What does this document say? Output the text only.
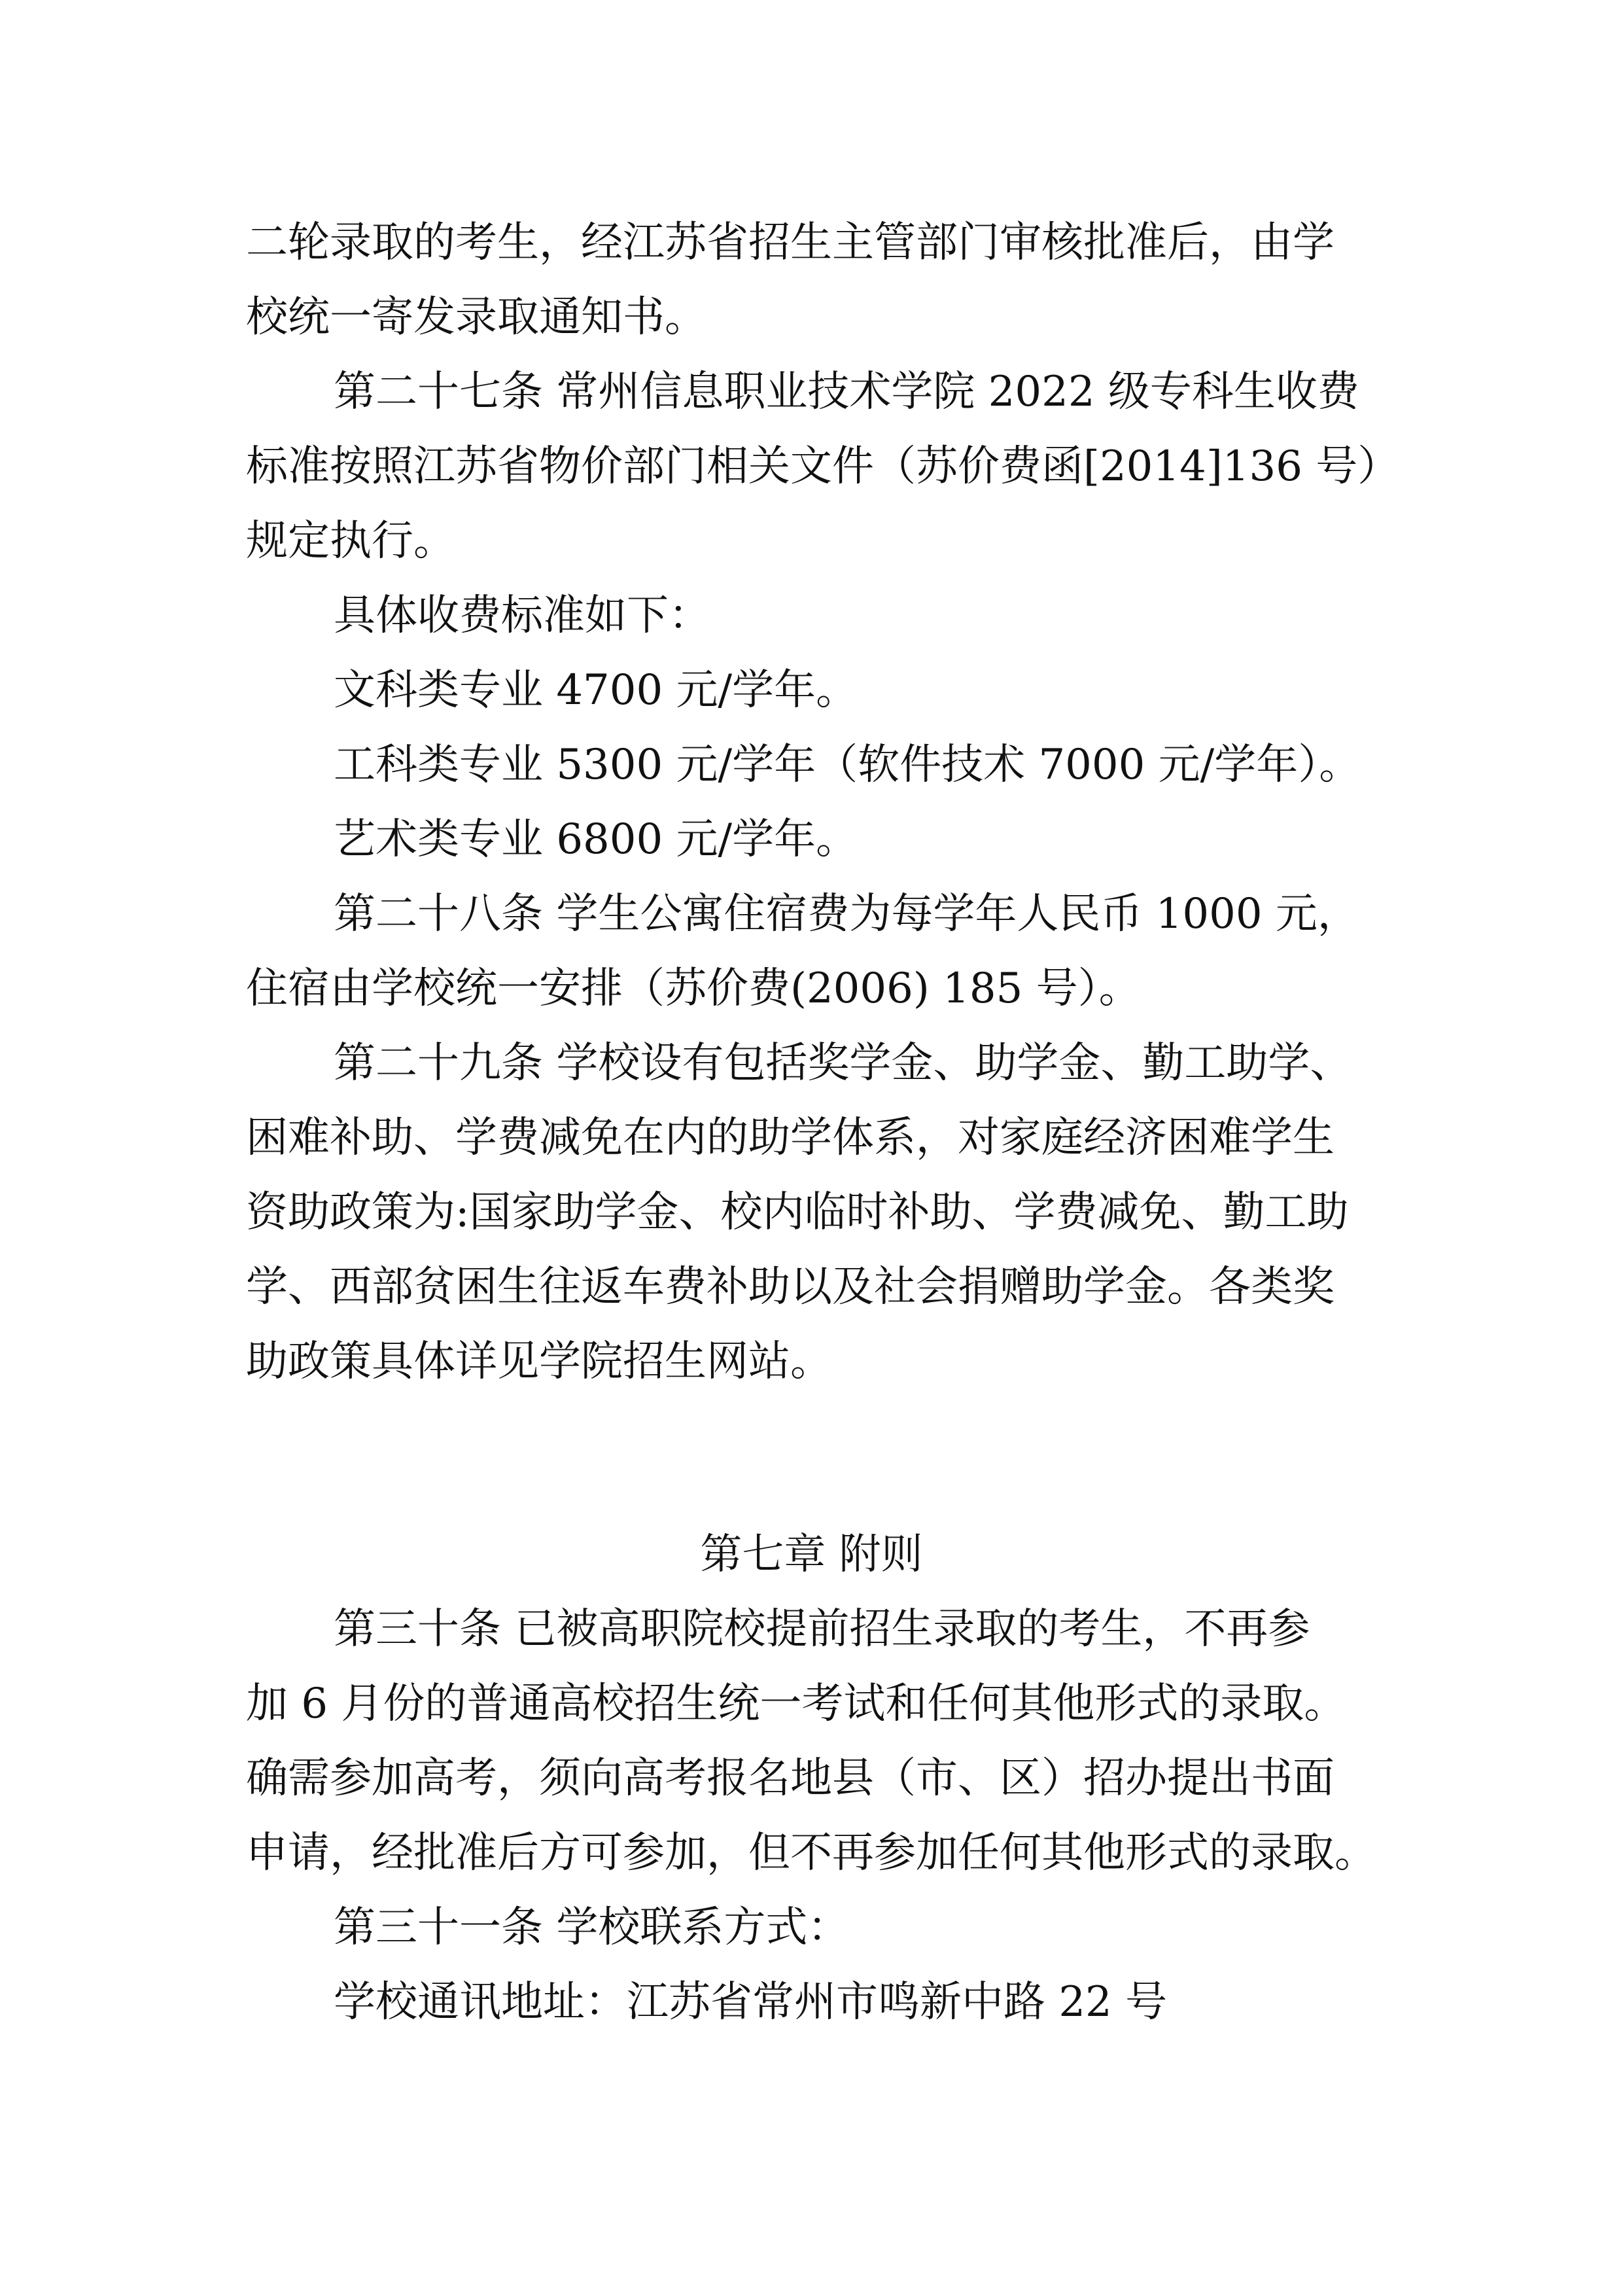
二轮录取的考生，经江苏省招生主管部门审核批准后，由学
校统一寄发录取通知书。
第二十七条 常州信息职业技术学院 2022 级专科生收费
标准按照江苏省物价部门相关文件（苏价费函[2014]136 号）
规定执行。
具体收费标准如下：
文科类专业 4700 元/学年。
工科类专业 5300 元/学年（软件技术 7000 元/学年）。
艺术类专业 6800 元/学年。
第二十八条 学生公寓住宿费为每学年人民币 1000 元，
住宿由学校统一安排（苏价费(2006) 185 号）。
第二十九条 学校设有包括奖学金、助学金、勤工助学、
困难补助、学费减免在内的助学体系，对家庭经济困难学生
资助政策为:国家助学金、校内临时补助、学费减免、勤工助
学、西部贫困生往返车费补助以及社会捐赠助学金。各类奖
助政策具体详见学院招生网站。
第七章 附则
第三十条 已被高职院校提前招生录取的考生，不再参
加 6 月份的普通高校招生统一考试和任何其他形式的录取。
确需参加高考，须向高考报名地县（市、区）招办提出书面
申请，经批准后方可参加，但不再参加任何其他形式的录取。
第三十一条 学校联系方式：
学校通讯地址：江苏省常州市鸣新中路 22 号
